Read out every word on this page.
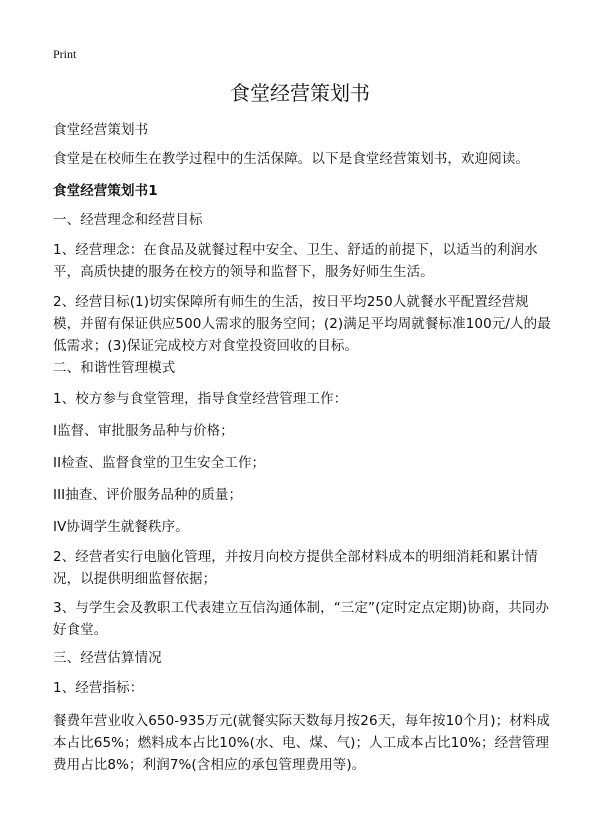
Print
食堂经营策划书
食堂经营策划书
食堂是在校师生在教学过程中的生活保障。以下是食堂经营策划书，欢迎阅读。
食堂经营策划书1
一、经营理念和经营目标
1、经营理念：在食品及就餐过程中安全、卫生、舒适的前提下，以适当的利润水平，高质快捷的服务在校方的领导和监督下，服务好师生生活。
2、经营目标(1)切实保障所有师生的生活，按日平均250人就餐水平配置经营规模，并留有保证供应500人需求的服务空间；(2)满足平均周就餐标准100元/人的最低需求；(3)保证完成校方对食堂投资回收的目标。
二、和谐性管理模式
1、校方参与食堂管理，指导食堂经营管理工作：
I监督、审批服务品种与价格；
II检查、监督食堂的卫生安全工作；
III抽查、评价服务品种的质量；
IV协调学生就餐秩序。
2、经营者实行电脑化管理，并按月向校方提供全部材料成本的明细消耗和累计情况，以提供明细监督依据；
3、与学生会及教职工代表建立互信沟通体制，“三定”(定时定点定期)协商，共同办好食堂。
三、经营估算情况
1、经营指标：
餐费年营业收入650-935万元(就餐实际天数每月按26天，每年按10个月)；材料成本占比65%；燃料成本占比10%(水、电、煤、气)；人工成本占比10%；经营管理费用占比8%；利润7%(含相应的承包管理费用等)。
